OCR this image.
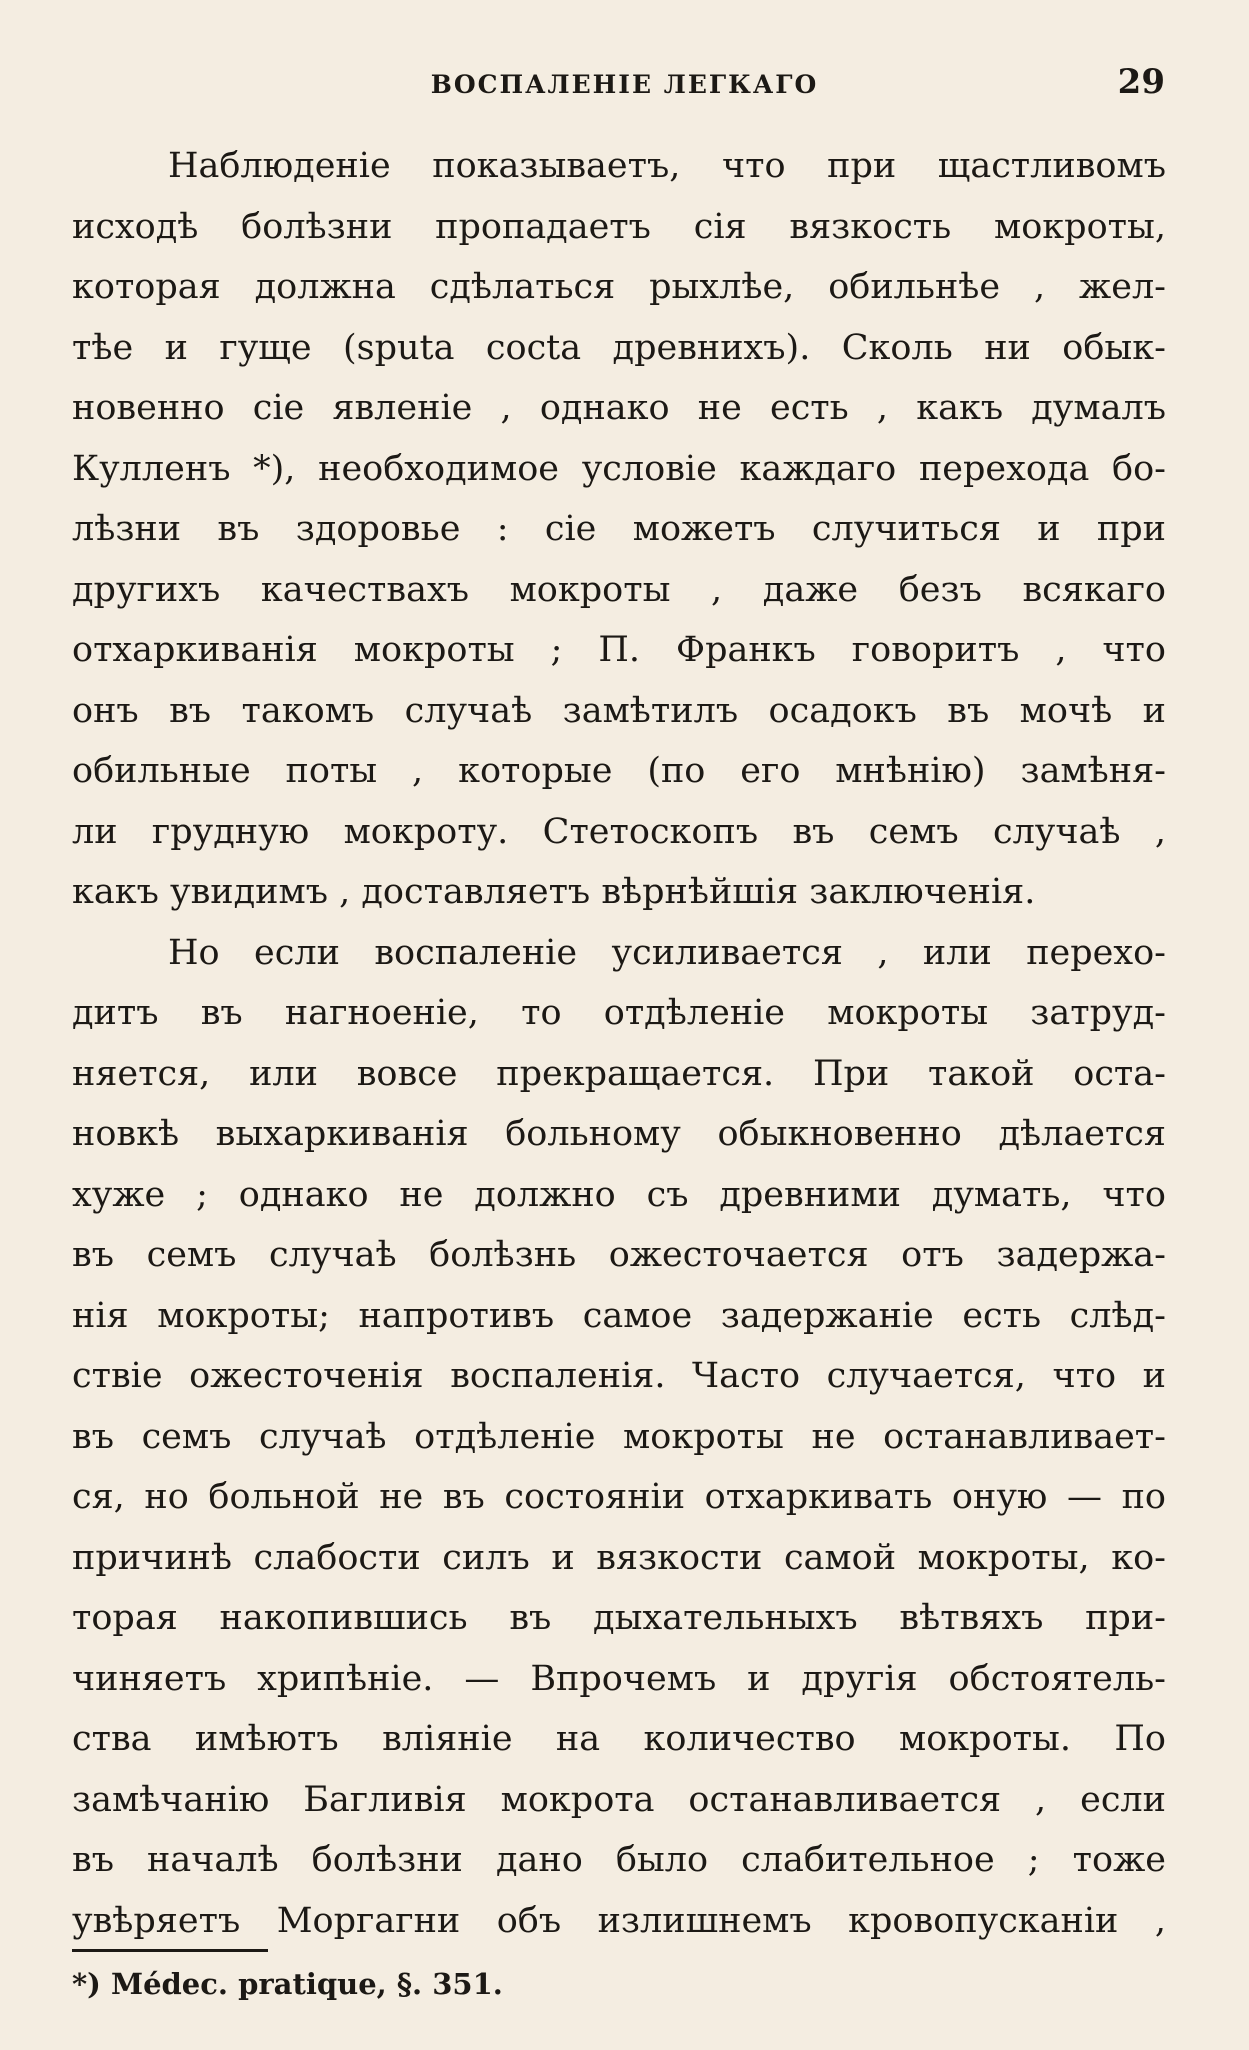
ВОСПАЛЕНІЕ ЛЕГКАГО	29
Наблюденіе показываетъ, что при щастливомъ
исходѣ болѣзни пропадаетъ сія вязкость мокроты,
которая должна сдѣлаться рыхлѣе, обильнѣе , жел-
тѣе и гуще (sputa cocta древнихъ). Сколь ни обык-
новенно сіе явленіе , однако не есть , какъ думалъ
Кулленъ *), необходимое условіе каждаго перехода бо-
лѣзни въ здоровье : сіе можетъ случиться и при
другихъ качествахъ мокроты , даже безъ всякаго
отхаркиванія мокроты ; П. Франкъ говоритъ , что
онъ въ такомъ случаѣ замѣтилъ осадокъ въ мочѣ и
обильные поты , которые (по его мнѣнію) замѣня-
ли грудную мокроту. Стетоскопъ въ семъ случаѣ ,
какъ увидимъ , доставляетъ вѣрнѣйшія заключенія.
Но если воспаленіе усиливается , или перехо-
дитъ въ нагноеніе, то отдѣленіе мокроты затруд-
няется, или вовсе прекращается. При такой оста-
новкѣ выхаркиванія больному обыкновенно дѣлается
хуже ; однако не должно съ древними думать, что
въ семъ случаѣ болѣзнь ожесточается отъ задержа-
нія мокроты; напротивъ самое задержаніе есть слѣд-
ствіе ожесточенія воспаленія. Часто случается, что и
въ семъ случаѣ отдѣленіе мокроты не останавливает-
ся, но больной не въ состояніи отхаркивать оную — по
причинѣ слабости силъ и вязкости самой мокроты, ко-
торая накопившись въ дыхательныхъ вѣтвяхъ при-
чиняетъ хрипѣніе. — Впрочемъ и другія обстоятель-
ства имѣютъ вліяніе на количество мокроты. По
замѣчанію Багливія мокрота останавливается , если
въ началѣ болѣзни дано было слабительное ; тоже
увѣряетъ Моргагни объ излишнемъ кровопусканіи ,
*) Médec. pratique, §. 351.
